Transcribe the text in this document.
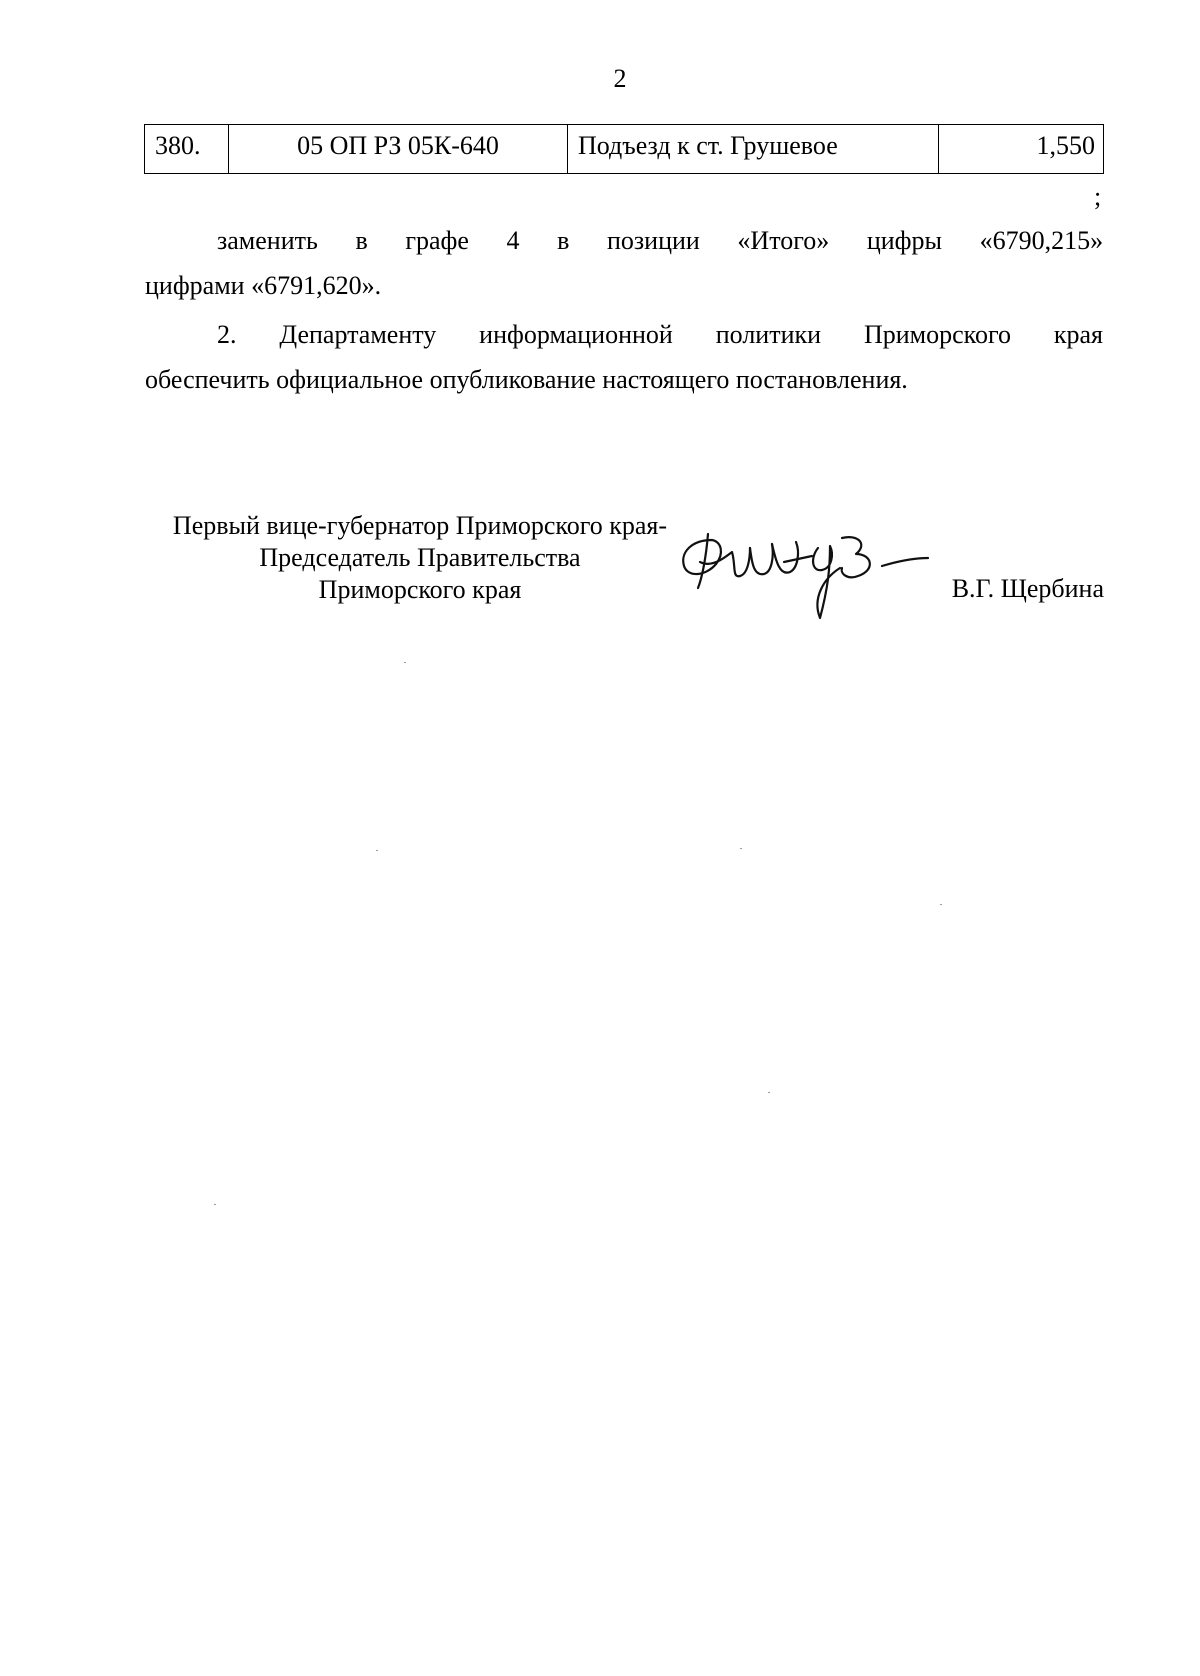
2
380.	05 ОП РЗ 05К-640	Подъезд к ст. Грушевое	1,550
;
заменить в графе 4 в позиции «Итого» цифры «6790,215»
цифрами «6791,620».
2. Департаменту информационной политики Приморского края
обеспечить официальное опубликование настоящего постановления.
Первый вице-губернатор Приморского края-
Председатель Правительства
Приморского края	В.Г. Щербина
